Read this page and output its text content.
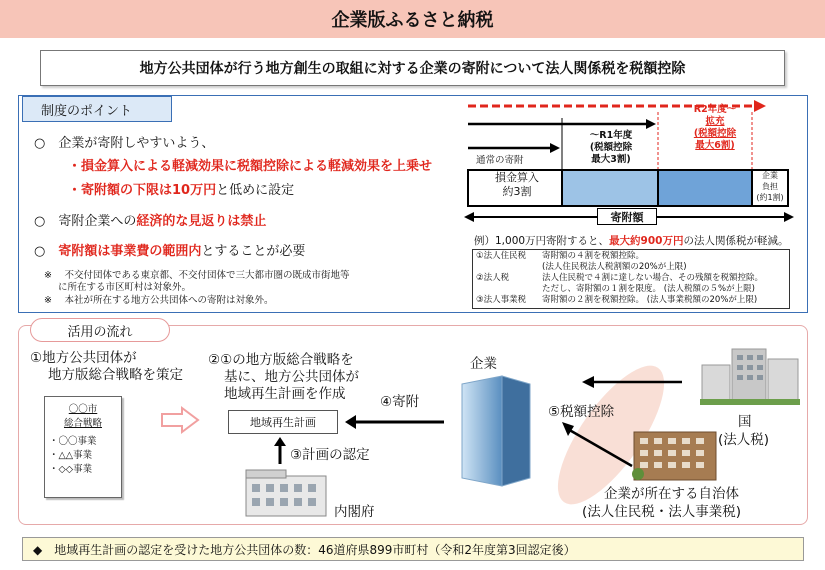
企業版ふるさと納税
地方公共団体が行う地方創生の取組に対する企業の寄附について法人関係税を税額控除
制度のポイント
○　企業が寄附しやすいよう、
・損金算入による軽減効果に税額控除による軽減効果を上乗せ
・寄附額の下限は10万円と低めに設定
○　寄附企業への経済的な見返りは禁止
○　寄附額は事業費の範囲内とすることが必要
※　 不交付団体である東京都、不交付団体で三大都市圏の既成市街地等
に所在する市区町村は対象外。
※　 本社が所在する地方公共団体への寄附は対象外。
R2年度～
拡充
(税額控除
最大6割)
～R1年度
(税額控除
最大3割)
通常の寄附
損金算入
約3割
企業
負担
(約1割)
寄附額
例）1,000万円寄附すると、最大約900万円の法人関係税が軽減。
①法人住民税	寄附額の４割を税額控除。
(法人住民税法人税割額の20%が上限)
②法人税	法人住民税で４割に達しない場合、その残額を税額控除。
ただし、寄附額の１割を限度。 (法人税額の５%が上限)
③法人事業税	寄附額の２割を税額控除。 (法人事業税額の20%が上限)
活用の流れ
①地方公共団体が
地方版総合戦略を策定
〇〇市
総合戦略
・〇〇事業
・△△事業
・◇◇事業
②①の地方版総合戦略を
基に、地方公共団体が
地域再生計画を作成
地域再生計画
③計画の認定
内閣府
④寄附
企業
⑤税額控除
国
(法人税)
企業が所在する自治体
(法人住民税・法人事業税)
◆　地域再生計画の認定を受けた地方公共団体の数：46道府県899市町村（令和2年度第3回認定後）
